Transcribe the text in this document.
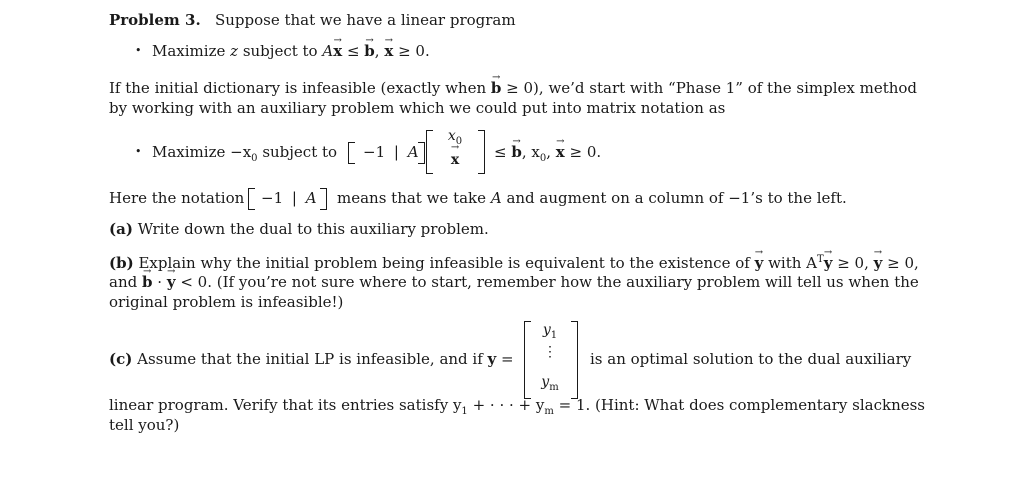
Problem 3. Suppose that we have a linear program
• Maximize z subject to A→ x ≤ → b, → x ≥ 0.
If the initial dictionary is infeasible (exactly when → b ≥ 0), we’d start with “Phase 1” of the simplex method
by working with an auxiliary problem which we could put into matrix notation as
• Maximize $-x_0$ subject to −1 | A
$x_0$
→ x	≤ → b, $x_0$, → x ≥ 0.
Here the notation −1 | A means that we take A and augment on a column of −1’s to the left.
(a) Write down the dual to this auxiliary problem.
(b) Explain why the initial problem being infeasible is equivalent to the existence of → y with $A^T\to y \ge 0$, → y ≥ 0,
and → b · → y < 0. (If you’re not sure where to start, remember how the auxiliary problem will tell us when the
original problem is infeasible!)
(c) Assume that the initial LP is infeasible, and if y =
$y_1$
⋮
$y_m$
is an optimal solution to the dual auxiliary
linear program. Verify that its entries satisfy $y_1$ + · · · + $y_m = 1$. (Hint: What does complementary slackness
tell you?)
